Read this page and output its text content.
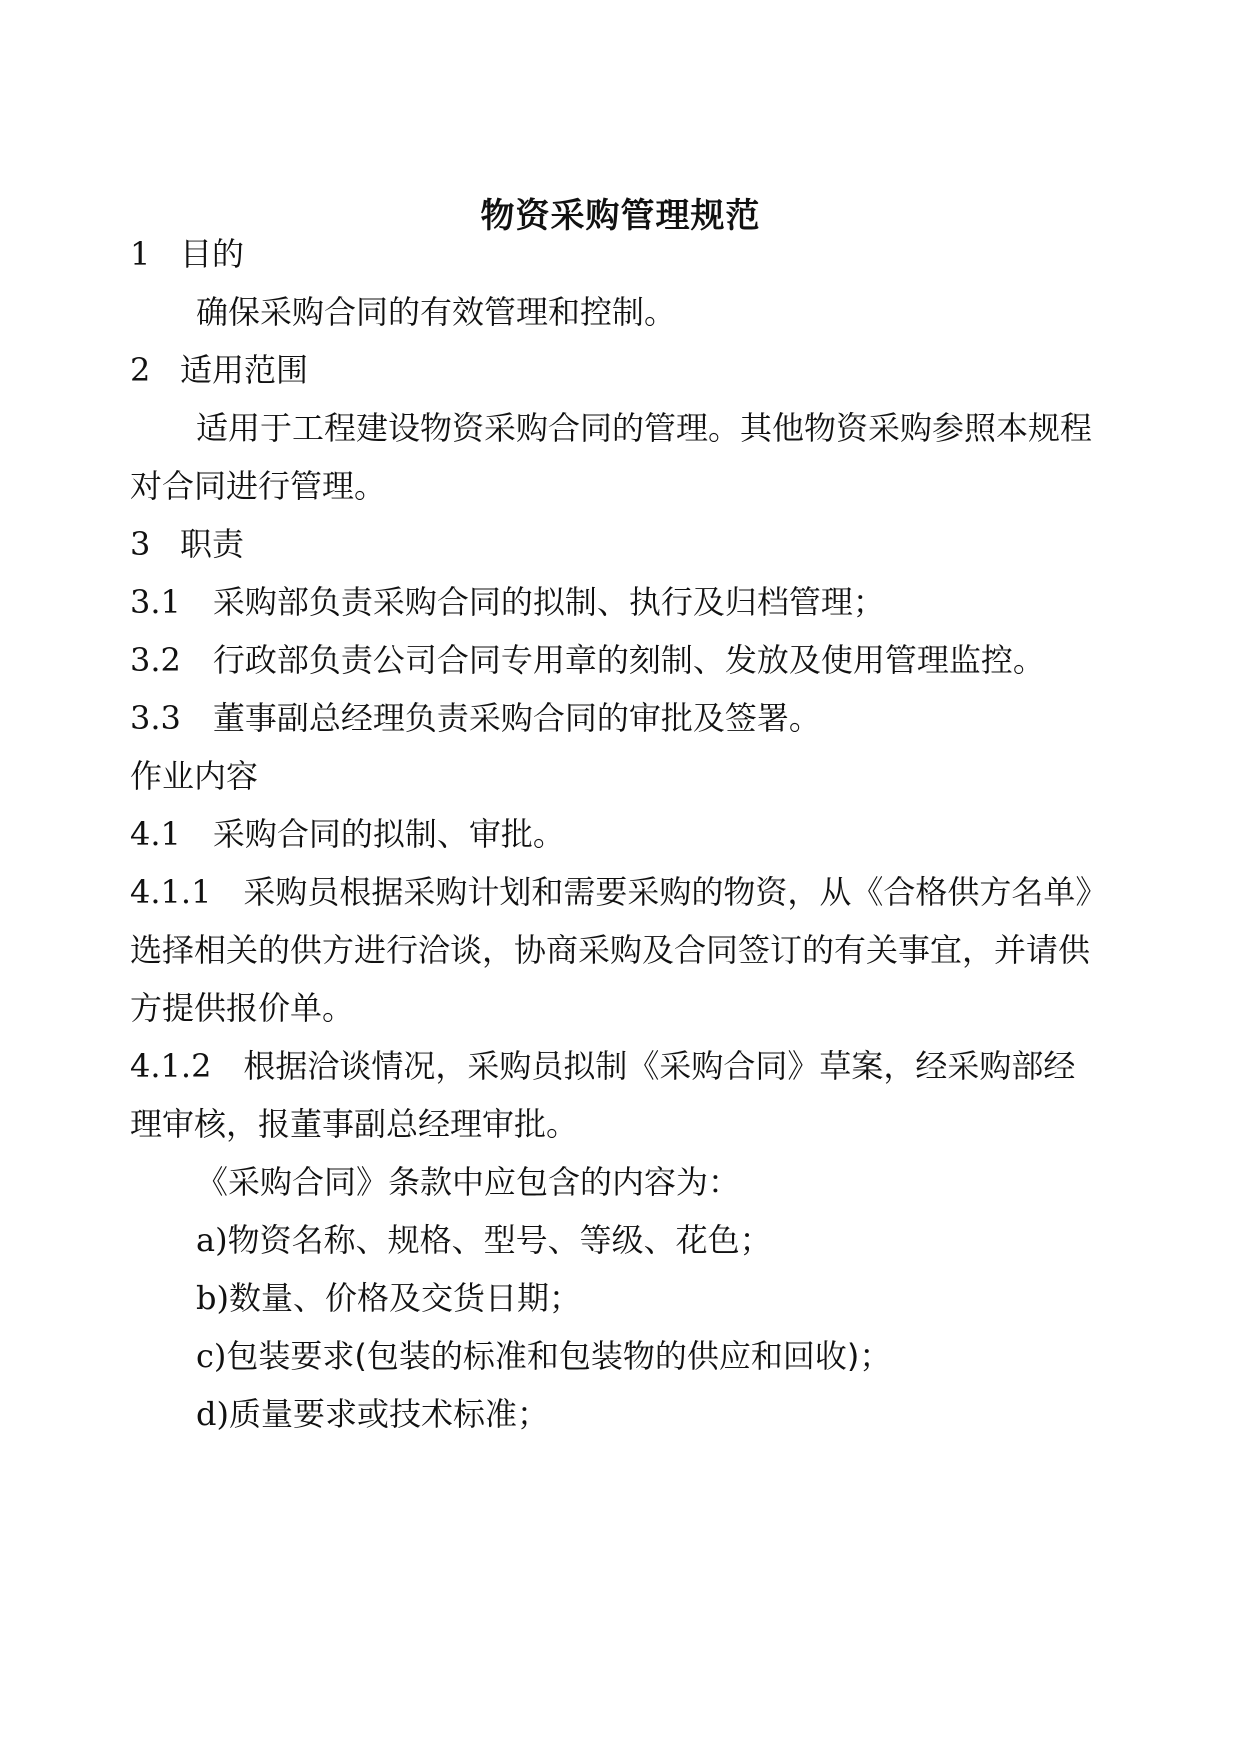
物资采购管理规范
1 目的
确保采购合同的有效管理和控制。
2 适用范围
适用于工程建设物资采购合同的管理。其他物资采购参照本规程
对合同进行管理。
3 职责
3.1 采购部负责采购合同的拟制、执行及归档管理；
3.2 行政部负责公司合同专用章的刻制、发放及使用管理监控。
3.3 董事副总经理负责采购合同的审批及签署。
作业内容
4.1 采购合同的拟制、审批。
4.1.1 采购员根据采购计划和需要采购的物资，从《合格供方名单》
选择相关的供方进行洽谈，协商采购及合同签订的有关事宜，并请供
方提供报价单。
4.1.2 根据洽谈情况，采购员拟制《采购合同》草案，经采购部经
理审核，报董事副总经理审批。
《采购合同》条款中应包含的内容为：
a)物资名称、规格、型号、等级、花色；
b)数量、价格及交货日期；
c)包装要求(包装的标准和包装物的供应和回收)；
d)质量要求或技术标准；
